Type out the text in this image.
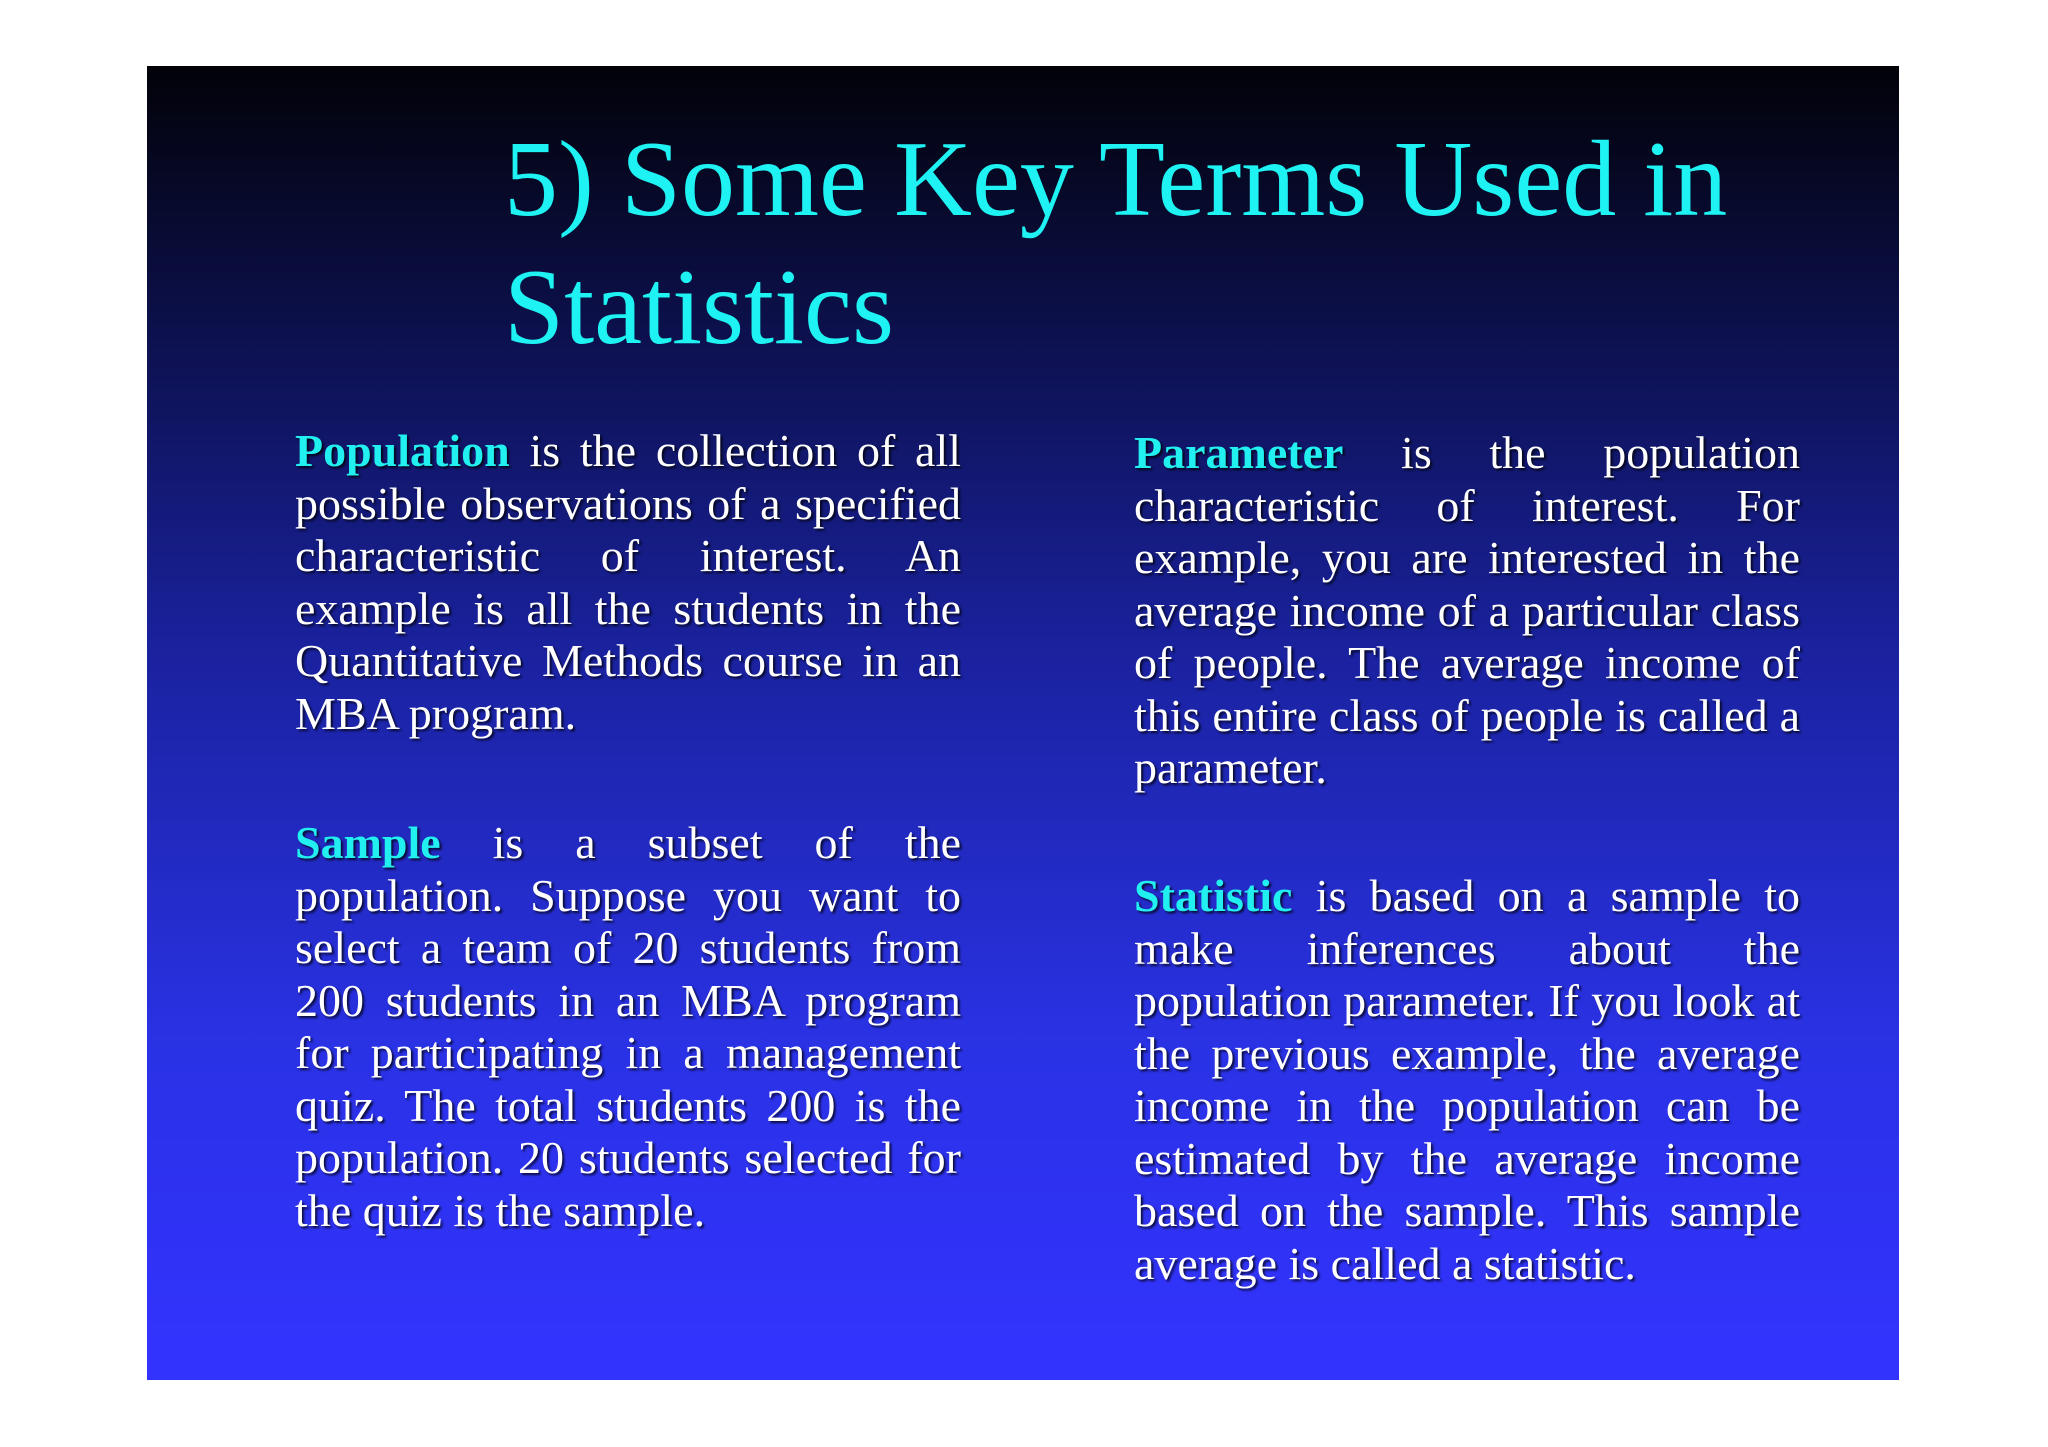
5) Some Key Terms Used in Statistics

Population is the collection of all possible observations of a specified characteristic of interest. An example is all the students in the Quantitative Methods course in an MBA program.

Sample is a subset of the population. Suppose you want to select a team of 20 students from 200 students in an MBA program for participating in a management quiz. The total students 200 is the population. 20 students selected for the quiz is the sample.

Parameter is the population characteristic of interest. For example, you are interested in the average income of a particular class of people. The average income of this entire class of people is called a parameter.

Statistic is based on a sample to make inferences about the population parameter. If you look at the previous example, the average income in the population can be estimated by the average income based on the sample. This sample average is called a statistic.
